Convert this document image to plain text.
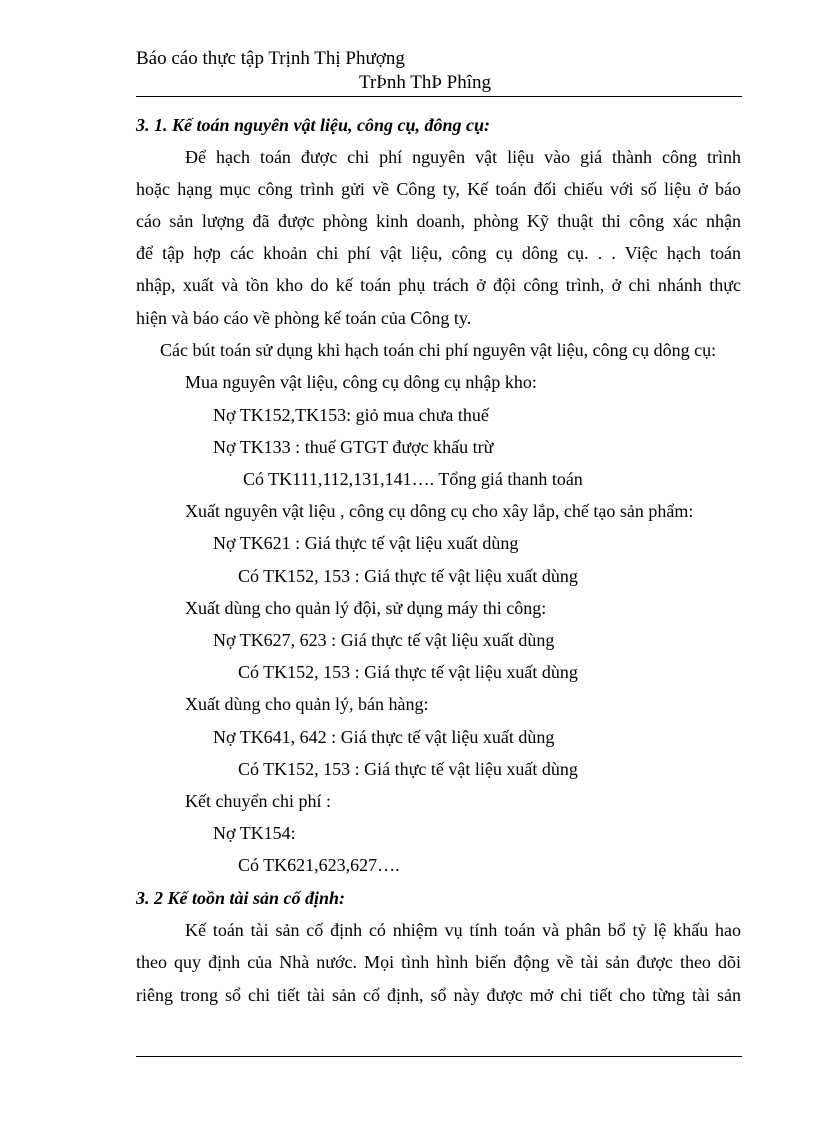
Báo cáo thực tập Trịnh Thị Phượng
TrÞnh ThÞ Phîng
3. 1. Kế toán nguyên vật liệu, công cụ, đông cụ:
Để hạch toán được chi phí nguyên vật liệu vào giá thành công trình
hoặc hạng mục công trình gửi về Công ty, Kế toán đối chiếu với số liệu ở báo
cáo sản lượng đã được phòng kinh doanh, phòng Kỹ thuật thi công xác nhận
để tập hợp các khoản chi phí vật liệu, công cụ dông cụ. . . Việc hạch toán
nhập, xuất và tồn kho do kế toán phụ trách ở đội công trình, ở chi nhánh thực
hiện và báo cáo về phòng kế toán của Công ty.
Các bút toán sử dụng khi hạch toán chi phí nguyên vật liệu, công cụ dông cụ:
Mua nguyên vật liệu, công cụ dông cụ nhập kho:
Nợ TK152,TK153: giỏ mua chưa thuế
Nợ TK133 : thuế GTGT được khấu trừ
Có TK111,112,131,141…. Tổng giá thanh toán
Xuất nguyên vật liệu , công cụ dông cụ cho xây lắp, chế tạo sản phẩm:
Nợ TK621 : Giá thực tế vật liệu xuất dùng
Có TK152, 153 : Giá thực tế vật liệu xuất dùng
Xuất dùng cho quản lý đội, sử dụng máy thi công:
Nợ TK627, 623 : Giá thực tế vật liệu xuất dùng
Có TK152, 153 : Giá thực tế vật liệu xuất dùng
Xuất dùng cho quản lý, bán hàng:
Nợ TK641, 642 : Giá thực tế vật liệu xuất dùng
Có TK152, 153 : Giá thực tế vật liệu xuất dùng
Kết chuyển chi phí :
Nợ TK154:
Có TK621,623,627….
3. 2 Kế toồn tài sản cố định:
Kế toán tài sản cố định có nhiệm vụ tính toán và phân bổ tỷ lệ khấu hao
theo quy định của Nhà nước. Mọi tình hình biến động về tài sản được theo dõi
riêng trong sổ chi tiết tài sản cố định, sổ này được mở chi tiết cho từng tài sản
